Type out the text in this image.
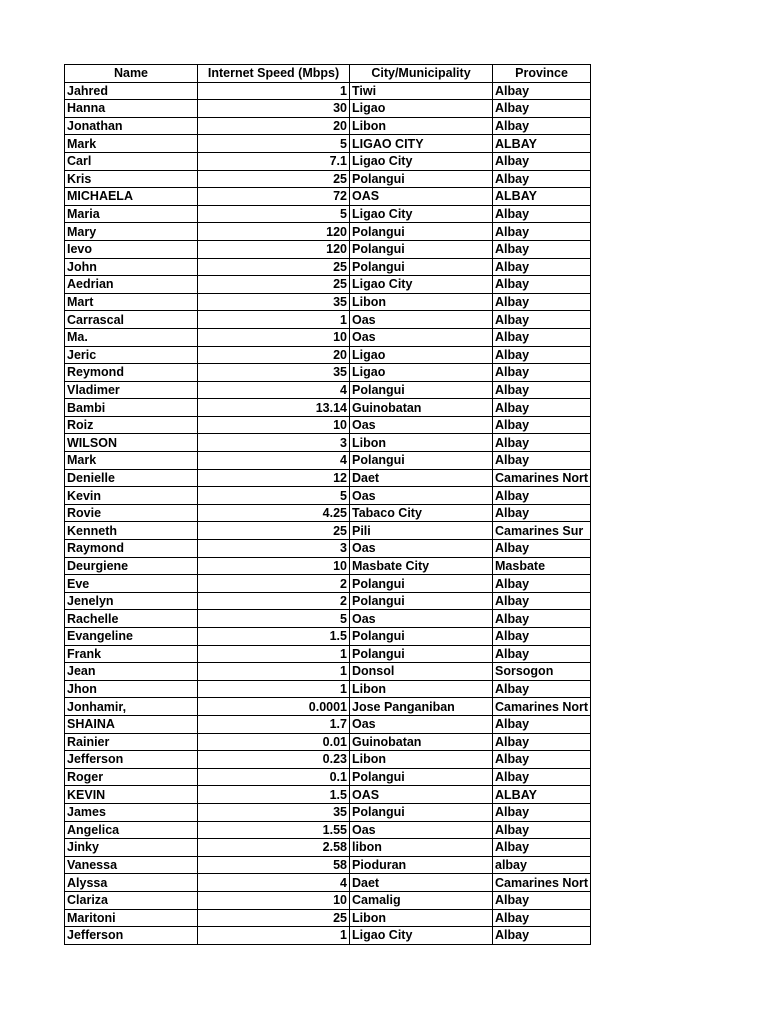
Name	Internet Speed (Mbps)	City/Municipality	Province
Jahred	1	Tiwi	Albay
Hanna	30	Ligao	Albay
Jonathan	20	Libon	Albay
Mark	5	LIGAO CITY	ALBAY
Carl	7.1	Ligao City	Albay
Kris	25	Polangui	Albay
MICHAELA	72	OAS	ALBAY
Maria	5	Ligao City	Albay
Mary	120	Polangui	Albay
Ievo	120	Polangui	Albay
John	25	Polangui	Albay
Aedrian	25	Ligao City	Albay
Mart	35	Libon	Albay
Carrascal	1	Oas	Albay
Ma.	10	Oas	Albay
Jeric	20	Ligao	Albay
Reymond	35	Ligao	Albay
Vladimer	4	Polangui	Albay
Bambi	13.14	Guinobatan	Albay
Roiz	10	Oas	Albay
WILSON	3	Libon	Albay
Mark	4	Polangui	Albay
Denielle	12	Daet	Camarines Nort
Kevin	5	Oas	Albay
Rovie	4.25	Tabaco City	Albay
Kenneth	25	Pili	Camarines Sur
Raymond	3	Oas	Albay
Deurgiene	10	Masbate City	Masbate
Eve	2	Polangui	Albay
Jenelyn	2	Polangui	Albay
Rachelle	5	Oas	Albay
Evangeline	1.5	Polangui	Albay
Frank	1	Polangui	Albay
Jean	1	Donsol	Sorsogon
Jhon	1	Libon	Albay
Jonhamir,	0.0001	Jose Panganiban	Camarines Nort
SHAINA	1.7	Oas	Albay
Rainier	0.01	Guinobatan	Albay
Jefferson	0.23	Libon	Albay
Roger	0.1	Polangui	Albay
KEVIN	1.5	OAS	ALBAY
James	35	Polangui	Albay
Angelica	1.55	Oas	Albay
Jinky	2.58	libon	Albay
Vanessa	58	Pioduran	albay
Alyssa	4	Daet	Camarines Nort
Clariza	10	Camalig	Albay
Maritoni	25	Libon	Albay
Jefferson	1	Ligao City	Albay
